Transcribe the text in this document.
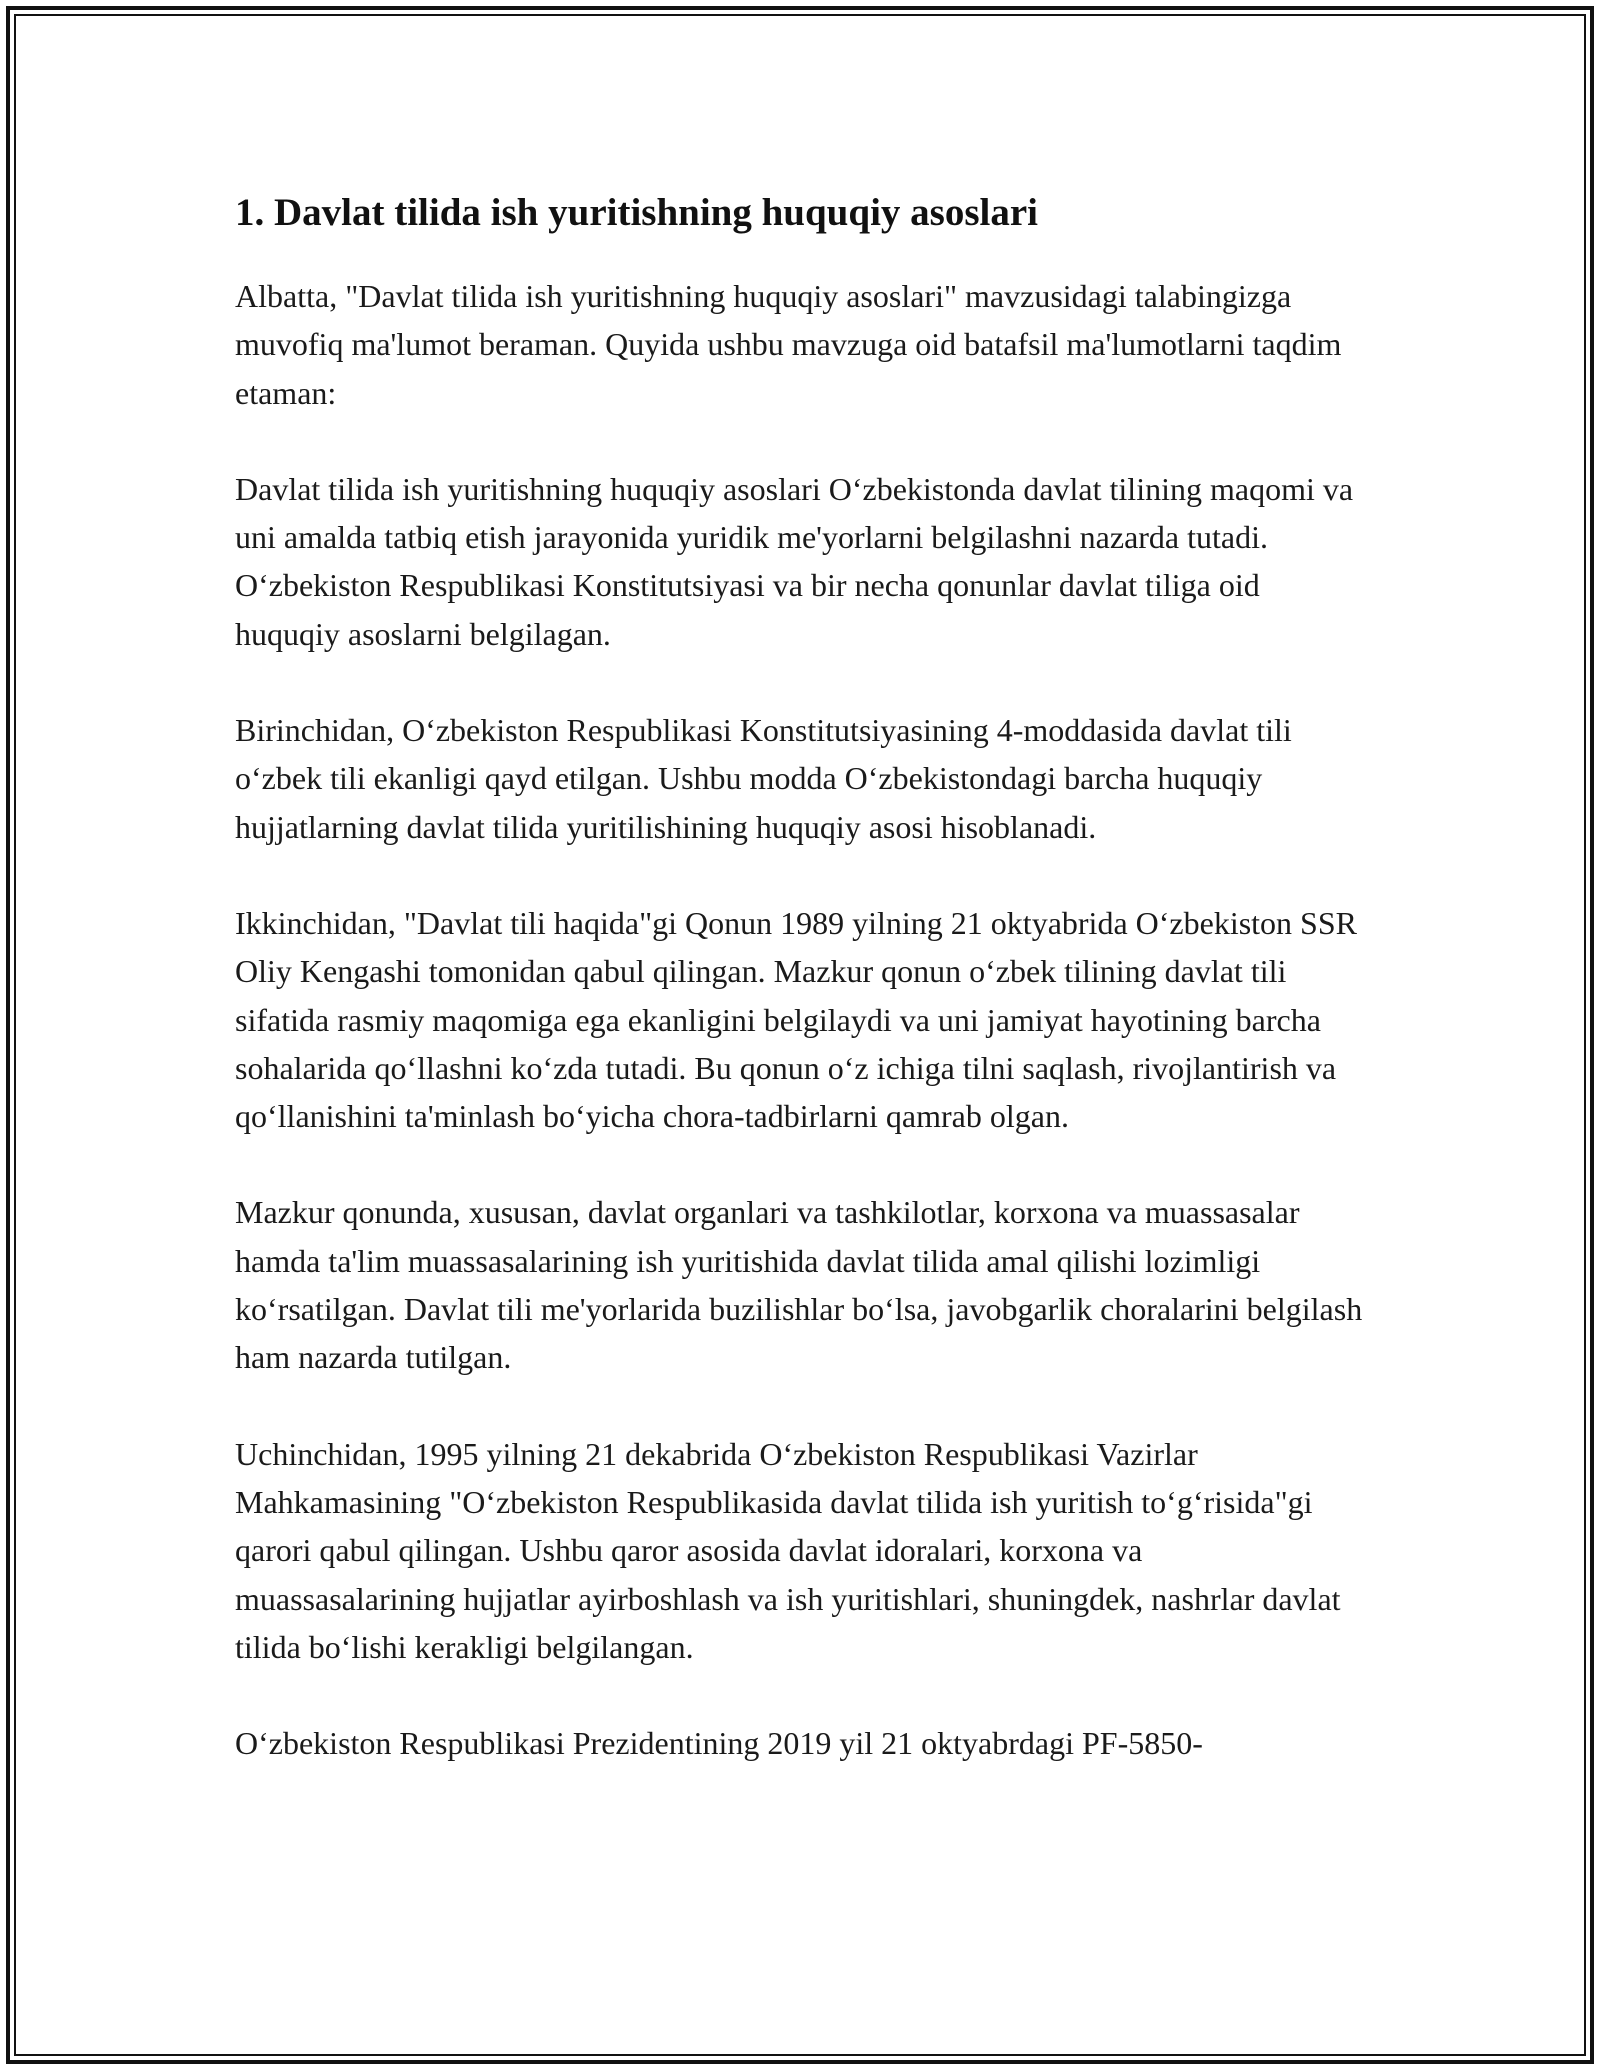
1. Davlat tilida ish yuritishning huquqiy asoslari

Albatta, "Davlat tilida ish yuritishning huquqiy asoslari" mavzusidagi talabingizga muvofiq ma'lumot beraman. Quyida ushbu mavzuga oid batafsil ma'lumotlarni taqdim etaman:

Davlat tilida ish yuritishning huquqiy asoslari O‘zbekistonda davlat tilining maqomi va uni amalda tatbiq etish jarayonida yuridik me'yorlarni belgilashni nazarda tutadi. O‘zbekiston Respublikasi Konstitutsiyasi va bir necha qonunlar davlat tiliga oid huquqiy asoslarni belgilagan.

Birinchidan, O‘zbekiston Respublikasi Konstitutsiyasining 4-moddasida davlat tili o‘zbek tili ekanligi qayd etilgan. Ushbu modda O‘zbekistondagi barcha huquqiy hujjatlarning davlat tilida yuritilishining huquqiy asosi hisoblanadi.

Ikkinchidan, "Davlat tili haqida"gi Qonun 1989 yilning 21 oktyabrida O‘zbekiston SSR Oliy Kengashi tomonidan qabul qilingan. Mazkur qonun o‘zbek tilining davlat tili sifatida rasmiy maqomiga ega ekanligini belgilaydi va uni jamiyat hayotining barcha sohalarida qo‘llashni ko‘zda tutadi. Bu qonun o‘z ichiga tilni saqlash, rivojlantirish va qo‘llanishini ta'minlash bo‘yicha chora-tadbirlarni qamrab olgan.

Mazkur qonunda, xususan, davlat organlari va tashkilotlar, korxona va muassasalar hamda ta'lim muassasalarining ish yuritishida davlat tilida amal qilishi lozimligi ko‘rsatilgan. Davlat tili me'yorlarida buzilishlar bo‘lsa, javobgarlik choralarini belgilash ham nazarda tutilgan.

Uchinchidan, 1995 yilning 21 dekabrida O‘zbekiston Respublikasi Vazirlar Mahkamasining "O‘zbekiston Respublikasida davlat tilida ish yuritish to‘g‘risida"gi qarori qabul qilingan. Ushbu qaror asosida davlat idoralari, korxona va muassasalarining hujjatlar ayirboshlash va ish yuritishlari, shuningdek, nashrlar davlat tilida bo‘lishi kerakligi belgilangan.

O‘zbekiston Respublikasi Prezidentining 2019 yil 21 oktyabrdagi PF-5850-
